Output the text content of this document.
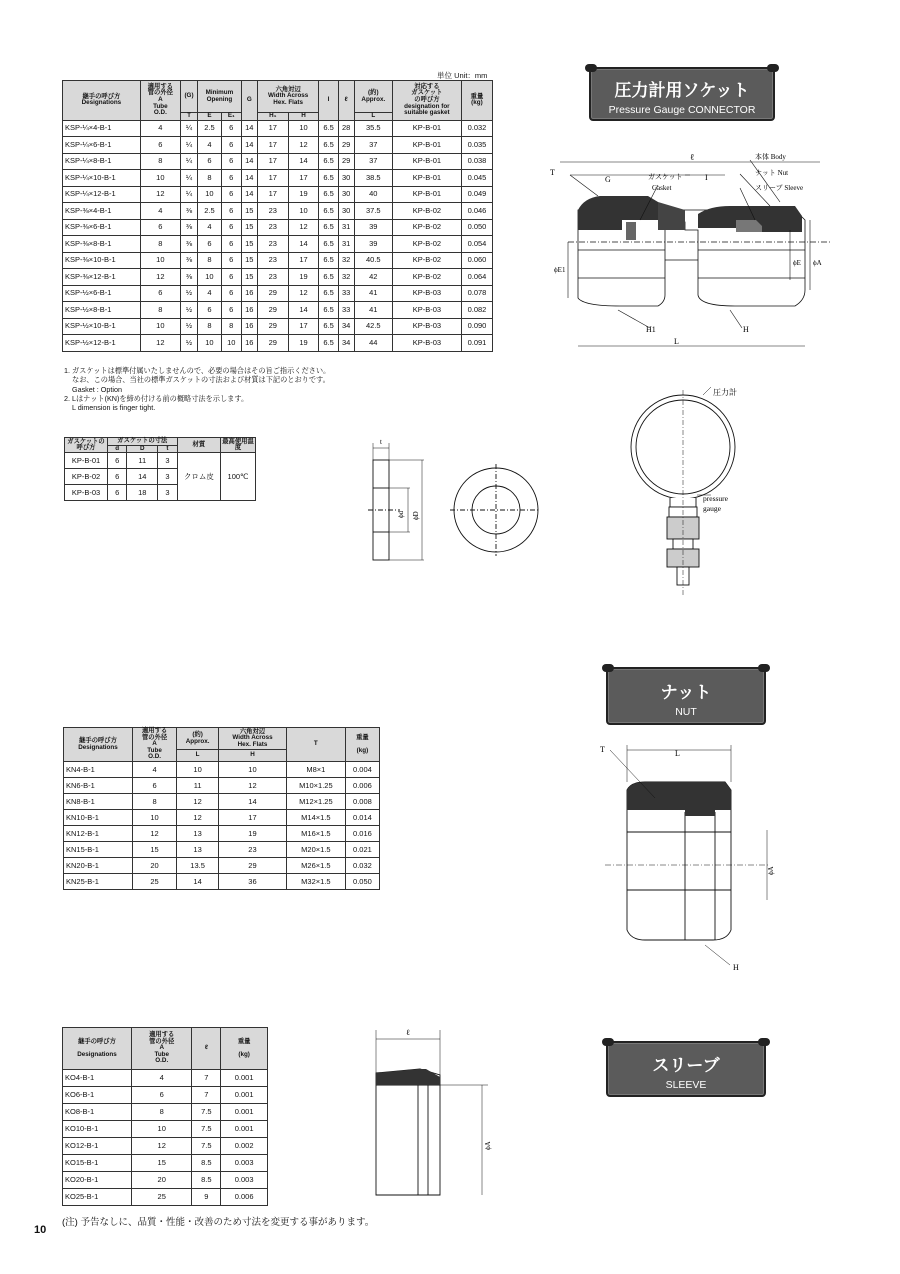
単位 Unit：mm
継手の呼び方
Designations	適用する
管の外径
A
Tube
O.D.	(G)	Minimum
Opening		G	六角対辺
Width Across
Hex. Flats		I	ℓ	(約)
Approx.	対応する
ガスケット
の呼び方
designation for
suitable gasket	重量
(kg)
		T	E	E₁		H₁	H			L		
KSP-¼×4-B-1	4	¼	2.5	6	14	17	10	6.5	28	35.5	KP-B-01	0.032
KSP-¼×6-B-1	6	¼	4	6	14	17	12	6.5	29	37	KP-B-01	0.035
KSP-¼×8-B-1	8	¼	6	6	14	17	14	6.5	29	37	KP-B-01	0.038
KSP-¼×10-B-1	10	¼	8	6	14	17	17	6.5	30	38.5	KP-B-01	0.045
KSP-¼×12-B-1	12	¼	10	6	14	17	19	6.5	30	40	KP-B-01	0.049
KSP-⅜×4-B-1	4	⅜	2.5	6	15	23	10	6.5	30	37.5	KP-B-02	0.046
KSP-⅜×6-B-1	6	⅜	4	6	15	23	12	6.5	31	39	KP-B-02	0.050
KSP-⅜×8-B-1	8	⅜	6	6	15	23	14	6.5	31	39	KP-B-02	0.054
KSP-⅜×10-B-1	10	⅜	8	6	15	23	17	6.5	32	40.5	KP-B-02	0.060
KSP-⅜×12-B-1	12	⅜	10	6	15	23	19	6.5	32	42	KP-B-02	0.064
KSP-½×6-B-1	6	½	4	6	16	29	12	6.5	33	41	KP-B-03	0.078
KSP-½×8-B-1	8	½	6	6	16	29	14	6.5	33	41	KP-B-03	0.082
KSP-½×10-B-1	10	½	8	8	16	29	17	6.5	34	42.5	KP-B-03	0.090
KSP-½×12-B-1	12	½	10	10	16	29	19	6.5	34	44	KP-B-03	0.091
1. ガスケットは標準付属いたしませんので、必要の場合はその旨ご指示ください。
なお、この場合、当社の標準ガスケットの寸法および材質は下記のとおりです。
Gasket : Option
2. Lはナット(KN)を締め付ける前の概略寸法を示します。
L dimension is finger tight.
ガスケットの呼び方	ガスケットの寸法			材質	最高使用温度
	d	D	t		
KP-B-01	6	11	3	クロム皮	100℃
KP-B-02	6	14	3		
KP-B-03	6	18	3		
圧力計用ソケット
Pressure Gauge CONNECTOR
ℓ
T
G	I
ガスケット
Gasket
本体 Body
ナット Nut
スリーブ Sleeve
ϕE1
ϕE ϕA
H1	H
L
t
ϕd ϕD
圧力計
pressure
gauge
ナット
NUT
継手の呼び方
Designations	適用する
管の外径
A
Tube
O.D.	(約)
Approx.	六角対辺
Width Across
Hex. Flats	T	重量

(kg)
		L	H		
KN4-B-1	4	10	10	M8×1	0.004
KN6-B-1	6	11	12	M10×1.25	0.006
KN8-B-1	8	12	14	M12×1.25	0.008
KN10-B-1	10	12	17	M14×1.5	0.014
KN12-B-1	12	13	19	M16×1.5	0.016
KN15-B-1	15	13	23	M20×1.5	0.021
KN20-B-1	20	13.5	29	M26×1.5	0.032
KN25-B-1	25	14	36	M32×1.5	0.050
L
T
ϕA
H
スリーブ
SLEEVE
継手の呼び方

Designations	適用する
管の外径
A
Tube
O.D.	ℓ	重量

(kg)
KO4-B-1	4	7	0.001
KO6-B-1	6	7	0.001
KO8-B-1	8	7.5	0.001
KO10-B-1	10	7.5	0.001
KO12-B-1	12	7.5	0.002
KO15-B-1	15	8.5	0.003
KO20-B-1	20	8.5	0.003
KO25-B-1	25	9	0.006
ℓ
ϕA
10
(注) 予告なしに、品質・性能・改善のため寸法を変更する事があります。
